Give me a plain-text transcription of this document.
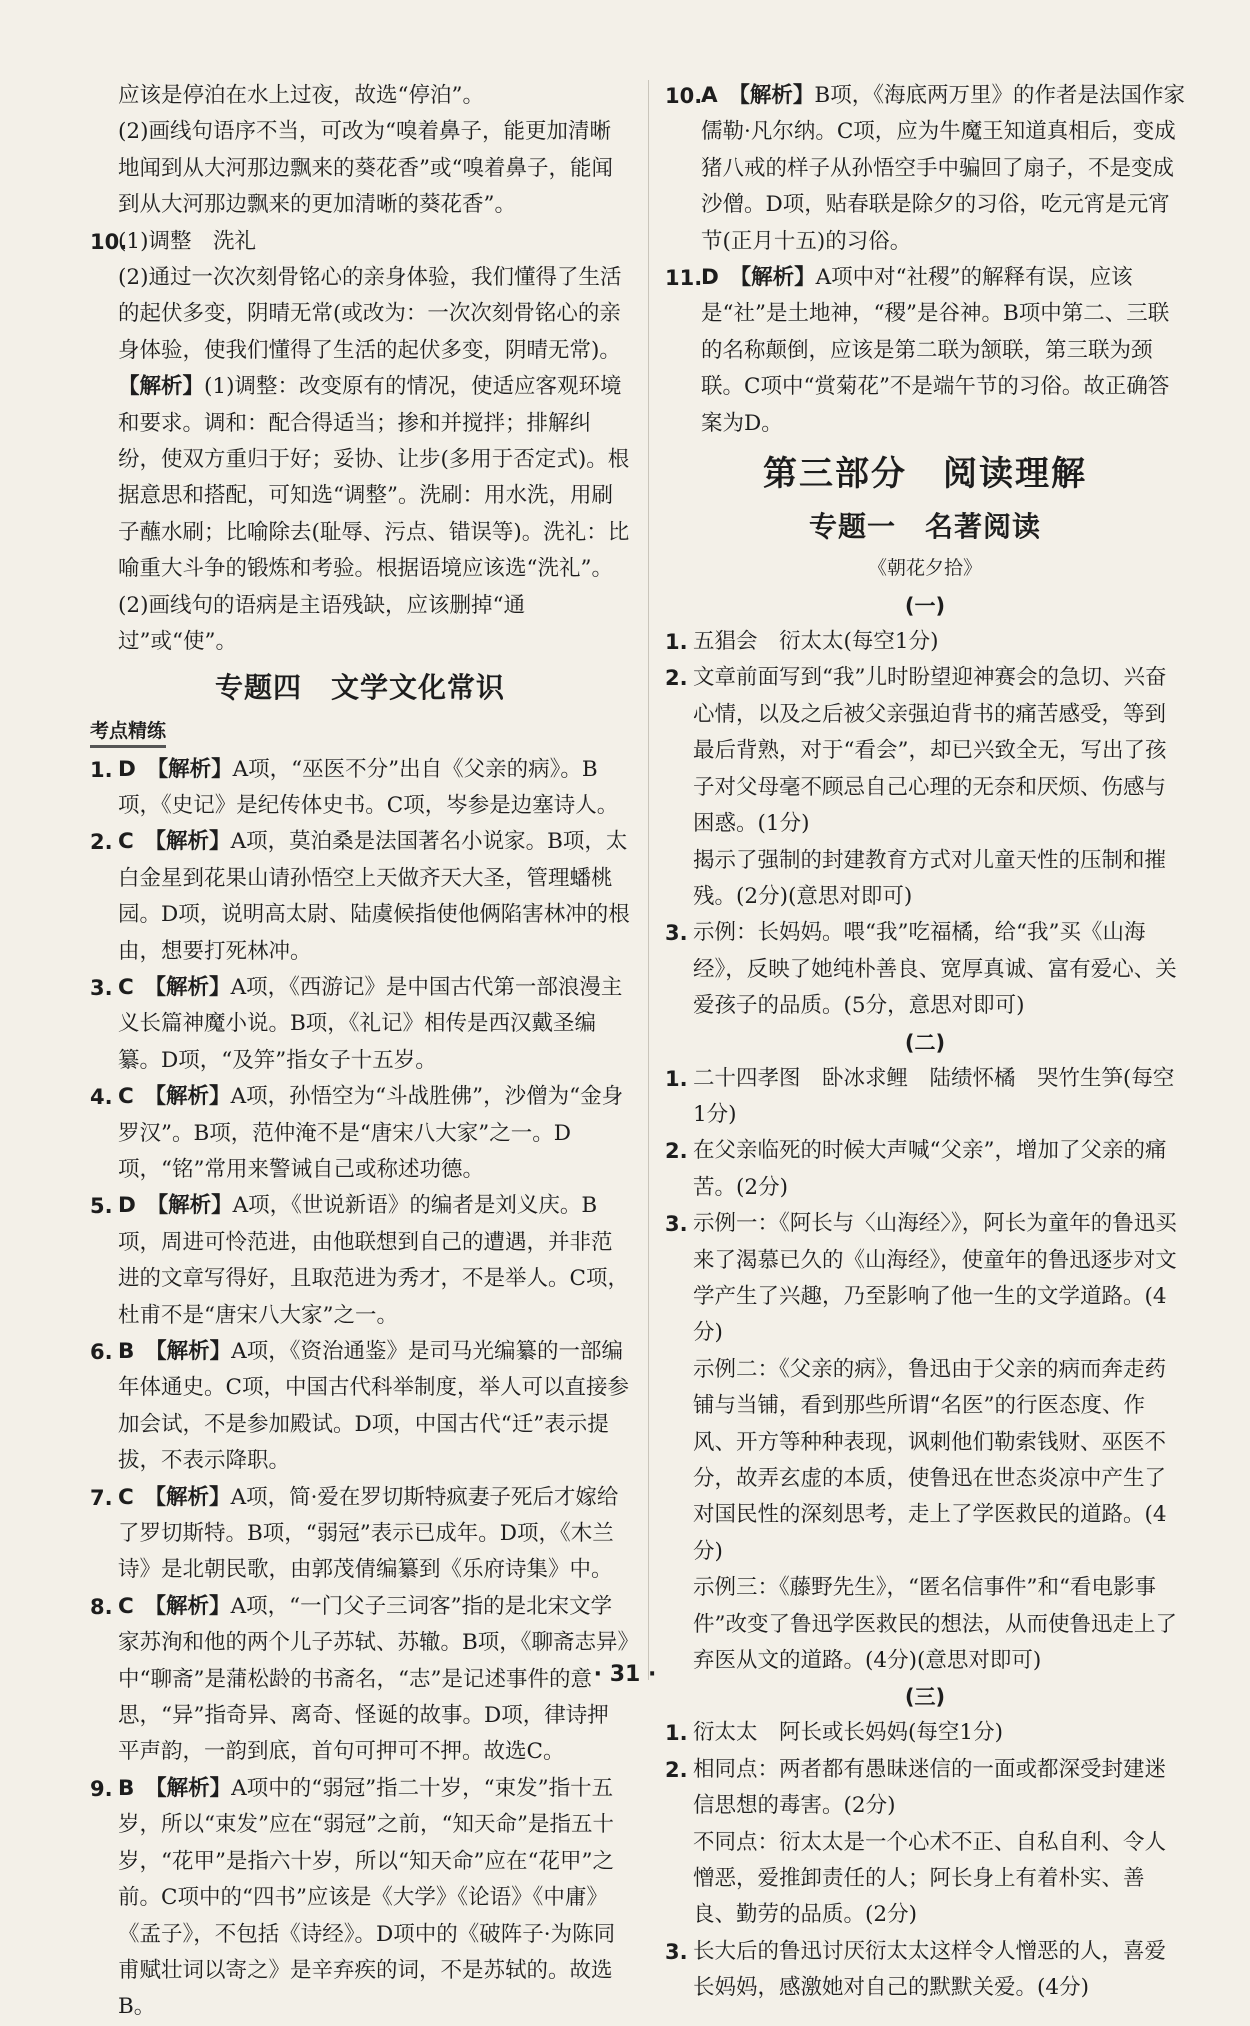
应该是停泊在水上过夜，故选“停泊”。
(2)画线句语序不当，可改为“嗅着鼻子，能更加清晰地闻到从大河那边飘来的葵花香”或“嗅着鼻子，能闻到从大河那边飘来的更加清晰的葵花香”。
10.
(1)调整　洗礼
(2)通过一次次刻骨铭心的亲身体验，我们懂得了生活的起伏多变，阴晴无常(或改为：一次次刻骨铭心的亲身体验，使我们懂得了生活的起伏多变，阴晴无常)。
【解析】(1)调整：改变原有的情况，使适应客观环境和要求。调和：配合得适当；掺和并搅拌；排解纠纷，使双方重归于好；妥协、让步(多用于否定式)。根据意思和搭配，可知选“调整”。洗刷：用水洗，用刷子蘸水刷；比喻除去(耻辱、污点、错误等)。洗礼：比喻重大斗争的锻炼和考验。根据语境应该选“洗礼”。(2)画线句的语病是主语残缺，应该删掉“通过”或“使”。
专题四　文学文化常识
考点精练
1. D　 【解析】A项，“巫医不分”出自《父亲的病》。B项，《史记》是纪传体史书。C项，岑参是边塞诗人。
2. C　 【解析】A项，莫泊桑是法国著名小说家。B项，太白金星到花果山请孙悟空上天做齐天大圣，管理蟠桃园。D项，说明高太尉、陆虞候指使他俩陷害林冲的根由，想要打死林冲。
3. C　 【解析】A项，《西游记》是中国古代第一部浪漫主义长篇神魔小说。B项，《礼记》相传是西汉戴圣编纂。D项，“及笄”指女子十五岁。
4. C　 【解析】A项，孙悟空为“斗战胜佛”，沙僧为“金身罗汉”。B项，范仲淹不是“唐宋八大家”之一。D项，“铭”常用来警诫自己或称述功德。
5. D　 【解析】A项，《世说新语》的编者是刘义庆。B项，周进可怜范进，由他联想到自己的遭遇，并非范进的文章写得好，且取范进为秀才，不是举人。C项，杜甫不是“唐宋八大家”之一。
6. B　 【解析】A项，《资治通鉴》是司马光编纂的一部编年体通史。C项，中国古代科举制度，举人可以直接参加会试，不是参加殿试。D项，中国古代“迁”表示提拔，不表示降职。
7. C　 【解析】A项，简·爱在罗切斯特疯妻子死后才嫁给了罗切斯特。B项，“弱冠”表示已成年。D项，《木兰诗》是北朝民歌，由郭茂倩编纂到《乐府诗集》中。
8. C　 【解析】A项，“一门父子三词客”指的是北宋文学家苏洵和他的两个儿子苏轼、苏辙。B项，《聊斋志异》中“聊斋”是蒲松龄的书斋名，“志”是记述事件的意思，“异”指奇异、离奇、怪诞的故事。D项，律诗押平声韵，一韵到底，首句可押可不押。故选C。
9. B　 【解析】A项中的“弱冠”指二十岁，“束发”指十五岁，所以“束发”应在“弱冠”之前，“知天命”是指五十岁，“花甲”是指六十岁，所以“知天命”应在“花甲”之前。C项中的“四书”应该是《大学》《论语》《中庸》《孟子》，不包括《诗经》。D项中的《破阵子·为陈同甫赋壮词以寄之》是辛弃疾的词，不是苏轼的。故选B。
10.
A　 【解析】B项，《海底两万里》的作者是法国作家儒勒·凡尔纳。C项，应为牛魔王知道真相后，变成猪八戒的样子从孙悟空手中骗回了扇子，不是变成沙僧。D项，贴春联是除夕的习俗，吃元宵是元宵节(正月十五)的习俗。
11.
D　 【解析】A项中对“社稷”的解释有误，应该是“社”是土地神，“稷”是谷神。B项中第二、三联的名称颠倒，应该是第二联为颔联，第三联为颈联。C项中“赏菊花”不是端午节的习俗。故正确答案为D。
第三部分　阅读理解
专题一　名著阅读
《朝花夕拾》
(一)
1. 五猖会　衍太太(每空1分)
2. 文章前面写到“我”儿时盼望迎神赛会的急切、兴奋心情，以及之后被父亲强迫背书的痛苦感受，等到最后背熟，对于“看会”，却已兴致全无，写出了孩子对父母毫不顾忌自己心理的无奈和厌烦、伤感与困惑。(1分)
揭示了强制的封建教育方式对儿童天性的压制和摧残。(2分)(意思对即可)
3. 示例：长妈妈。喂“我”吃福橘，给“我”买《山海经》，反映了她纯朴善良、宽厚真诚、富有爱心、关爱孩子的品质。(5分，意思对即可)
(二)
1. 二十四孝图　卧冰求鲤　陆绩怀橘　哭竹生笋(每空1分)
2. 在父亲临死的时候大声喊“父亲”，增加了父亲的痛苦。(2分)
3. 示例一：《阿长与〈山海经〉》，阿长为童年的鲁迅买来了渴慕已久的《山海经》，使童年的鲁迅逐步对文学产生了兴趣，乃至影响了他一生的文学道路。(4分)
示例二：《父亲的病》，鲁迅由于父亲的病而奔走药铺与当铺，看到那些所谓“名医”的行医态度、作风、开方等种种表现，讽刺他们勒索钱财、巫医不分，故弄玄虚的本质，使鲁迅在世态炎凉中产生了对国民性的深刻思考，走上了学医救民的道路。(4分)
示例三：《藤野先生》，“匿名信事件”和“看电影事件”改变了鲁迅学医救民的想法，从而使鲁迅走上了弃医从文的道路。(4分)(意思对即可)
(三)
1. 衍太太　阿长或长妈妈(每空1分)
2. 相同点：两者都有愚昧迷信的一面或都深受封建迷信思想的毒害。(2分)
不同点：衍太太是一个心术不正、自私自利、令人憎恶，爱推卸责任的人；阿长身上有着朴实、善良、勤劳的品质。(2分)
3. 长大后的鲁迅讨厌衍太太这样令人憎恶的人，喜爱长妈妈，感激她对自己的默默关爱。(4分)
· 31 ·
